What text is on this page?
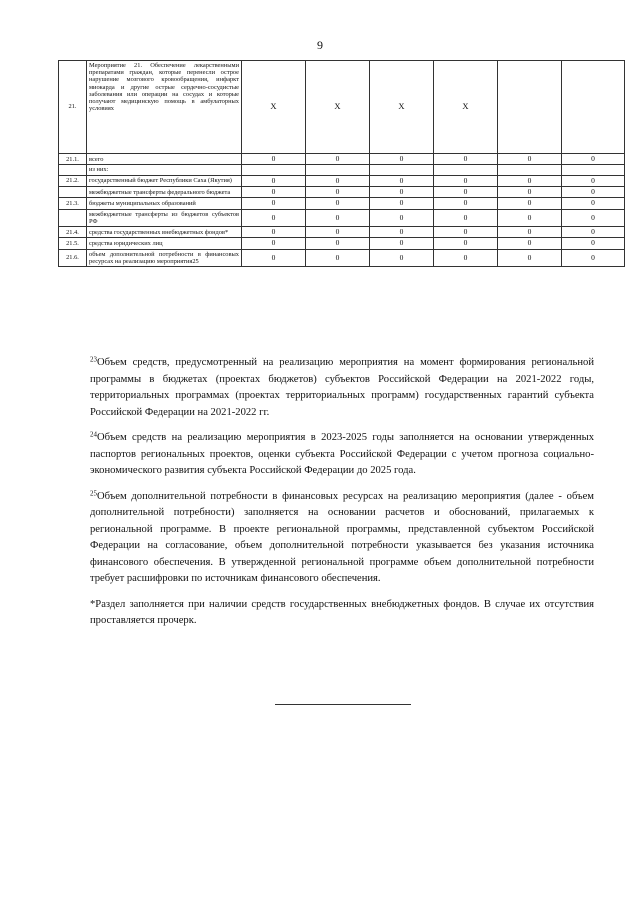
9
21.	Мероприятие 21. Обеспечение лекарственными препаратами граждан, которые перенесли острое нарушение мозгового кровообращения, инфаркт миокарда и другие острые сердечно-сосудистые заболевания или операции на сосудах и которые получают медицинскую помощь в амбулаторных условиях	X	X	X	X		
21.1.	всего	0	0	0	0	0	0
	из них:						
21.2.	государственный бюджет Республики Саха (Якутия)	0	0	0	0	0	0
	межбюджетные трансферты федерального бюджета	0	0	0	0	0	0
21.3.	бюджеты муниципальных образований	0	0	0	0	0	0
	межбюджетные трансферты из бюджетов субъектов РФ	0	0	0	0	0	0
21.4.	средства государственных внебюджетных фондов*	0	0	0	0	0	0
21.5.	средства юридических лиц	0	0	0	0	0	0
21.6.	объем дополнительной потребности в финансовых ресурсах на реализацию мероприятия25	0	0	0	0	0	0

$^{23}$Объем средств, предусмотренный на реализацию мероприятия на момент формирования региональной программы в бюджетах (проектах бюджетов) субъектов Российской Федерации на 2021-2022 годы, территориальных программах (проектах территориальных программ) государственных гарантий субъекта Российской Федерации на 2021-2022 гг.

$^{24}$Объем средств на реализацию мероприятия в 2023-2025 годы заполняется на основании утвержденных паспортов региональных проектов, оценки субъекта Российской Федерации с учетом прогноза социально-экономического развития субъекта Российской Федерации до 2025 года.

$^{25}$Объем дополнительной потребности в финансовых ресурсах на реализацию мероприятия (далее - объем дополнительной потребности) заполняется на основании расчетов и обоснований, прилагаемых к региональной программе. В проекте региональной программы, представленной субъектом Российской Федерации на согласование, объем дополнительной потребности указывается без указания источника финансового обеспечения. В утвержденной региональной программе объем дополнительной потребности требует расшифровки по источникам финансового обеспечения.

*Раздел заполняется при наличии средств государственных внебюджетных фондов. В случае их отсутствия проставляется прочерк.
